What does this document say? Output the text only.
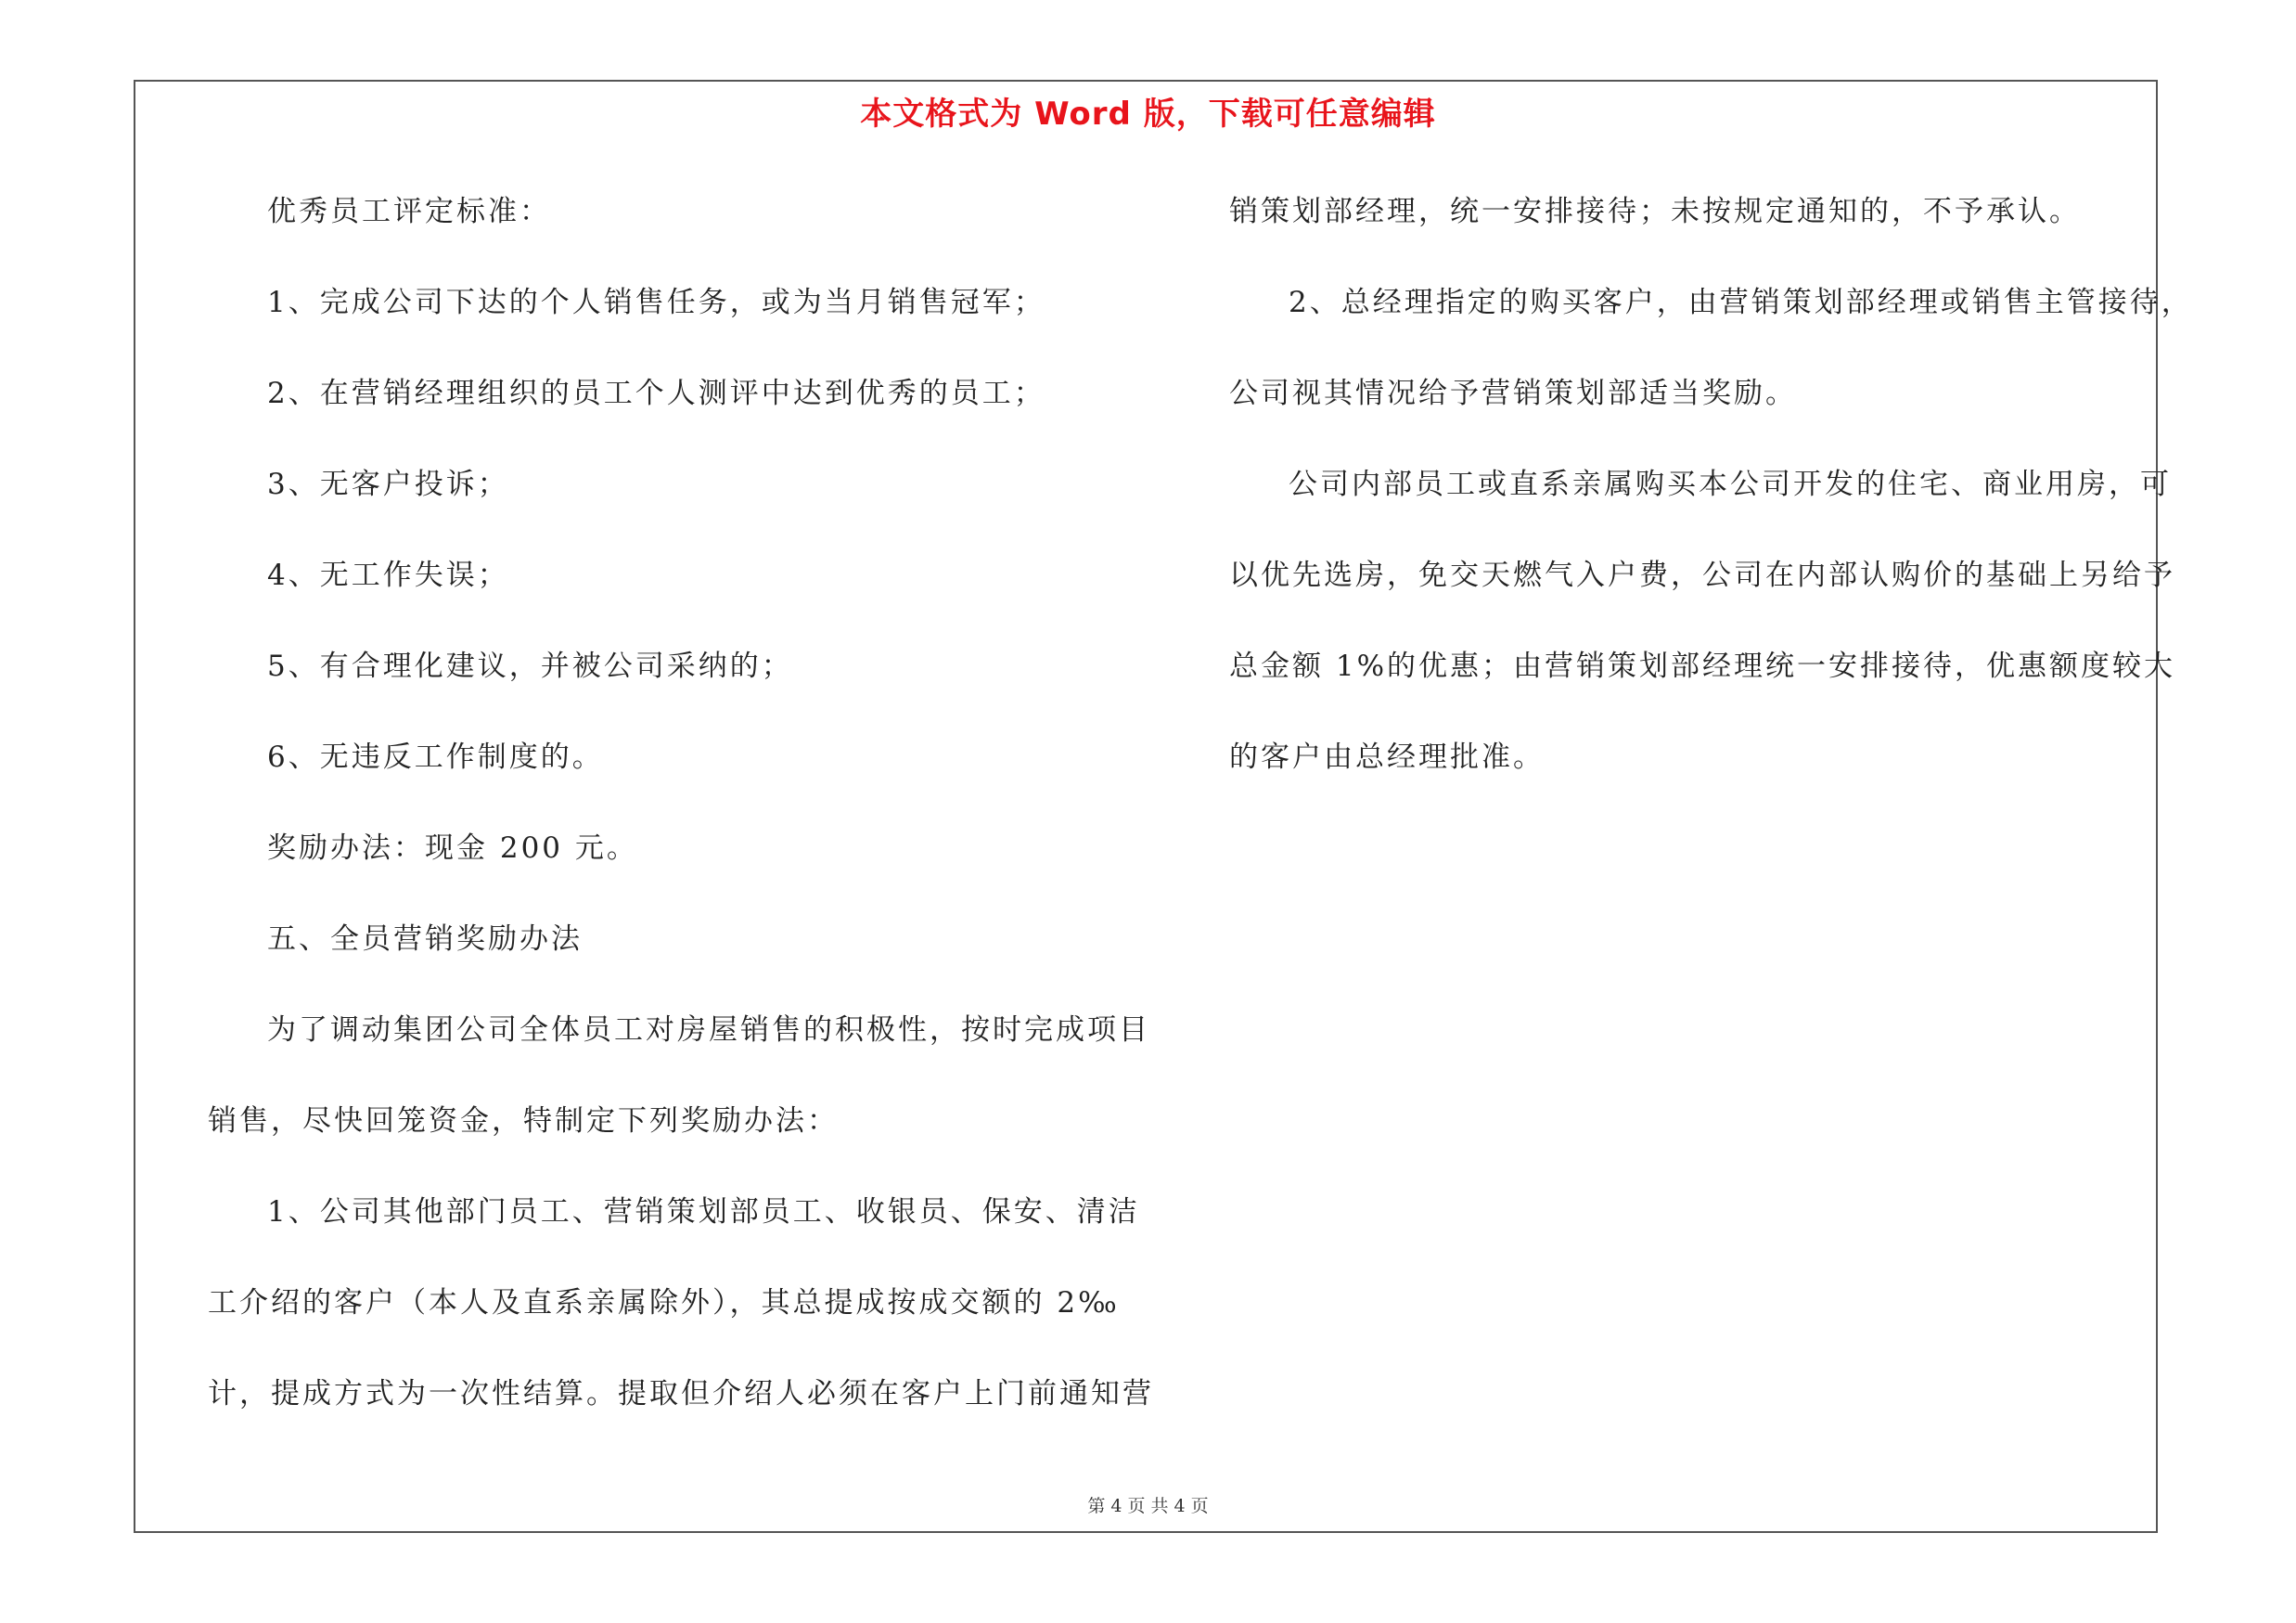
本文格式为 Word 版，下载可任意编辑
优秀员工评定标准：
1、完成公司下达的个人销售任务，或为当月销售冠军；
2、在营销经理组织的员工个人测评中达到优秀的员工；
3、无客户投诉；
4、无工作失误；
5、有合理化建议，并被公司采纳的；
6、无违反工作制度的。
奖励办法：现金 200 元。
五、全员营销奖励办法
为了调动集团公司全体员工对房屋销售的积极性，按时完成项目
销售，尽快回笼资金，特制定下列奖励办法：
1、公司其他部门员工、营销策划部员工、收银员、保安、清洁
工介绍的客户（本人及直系亲属除外），其总提成按成交额的 2‰
计，提成方式为一次性结算。提取但介绍人必须在客户上门前通知营
销策划部经理，统一安排接待；未按规定通知的，不予承认。
2、总经理指定的购买客户，由营销策划部经理或销售主管接待，
公司视其情况给予营销策划部适当奖励。
公司内部员工或直系亲属购买本公司开发的住宅、商业用房，可
以优先选房，免交天燃气入户费，公司在内部认购价的基础上另给予
总金额 1%的优惠；由营销策划部经理统一安排接待，优惠额度较大
的客户由总经理批准。
第 4 页 共 4 页
